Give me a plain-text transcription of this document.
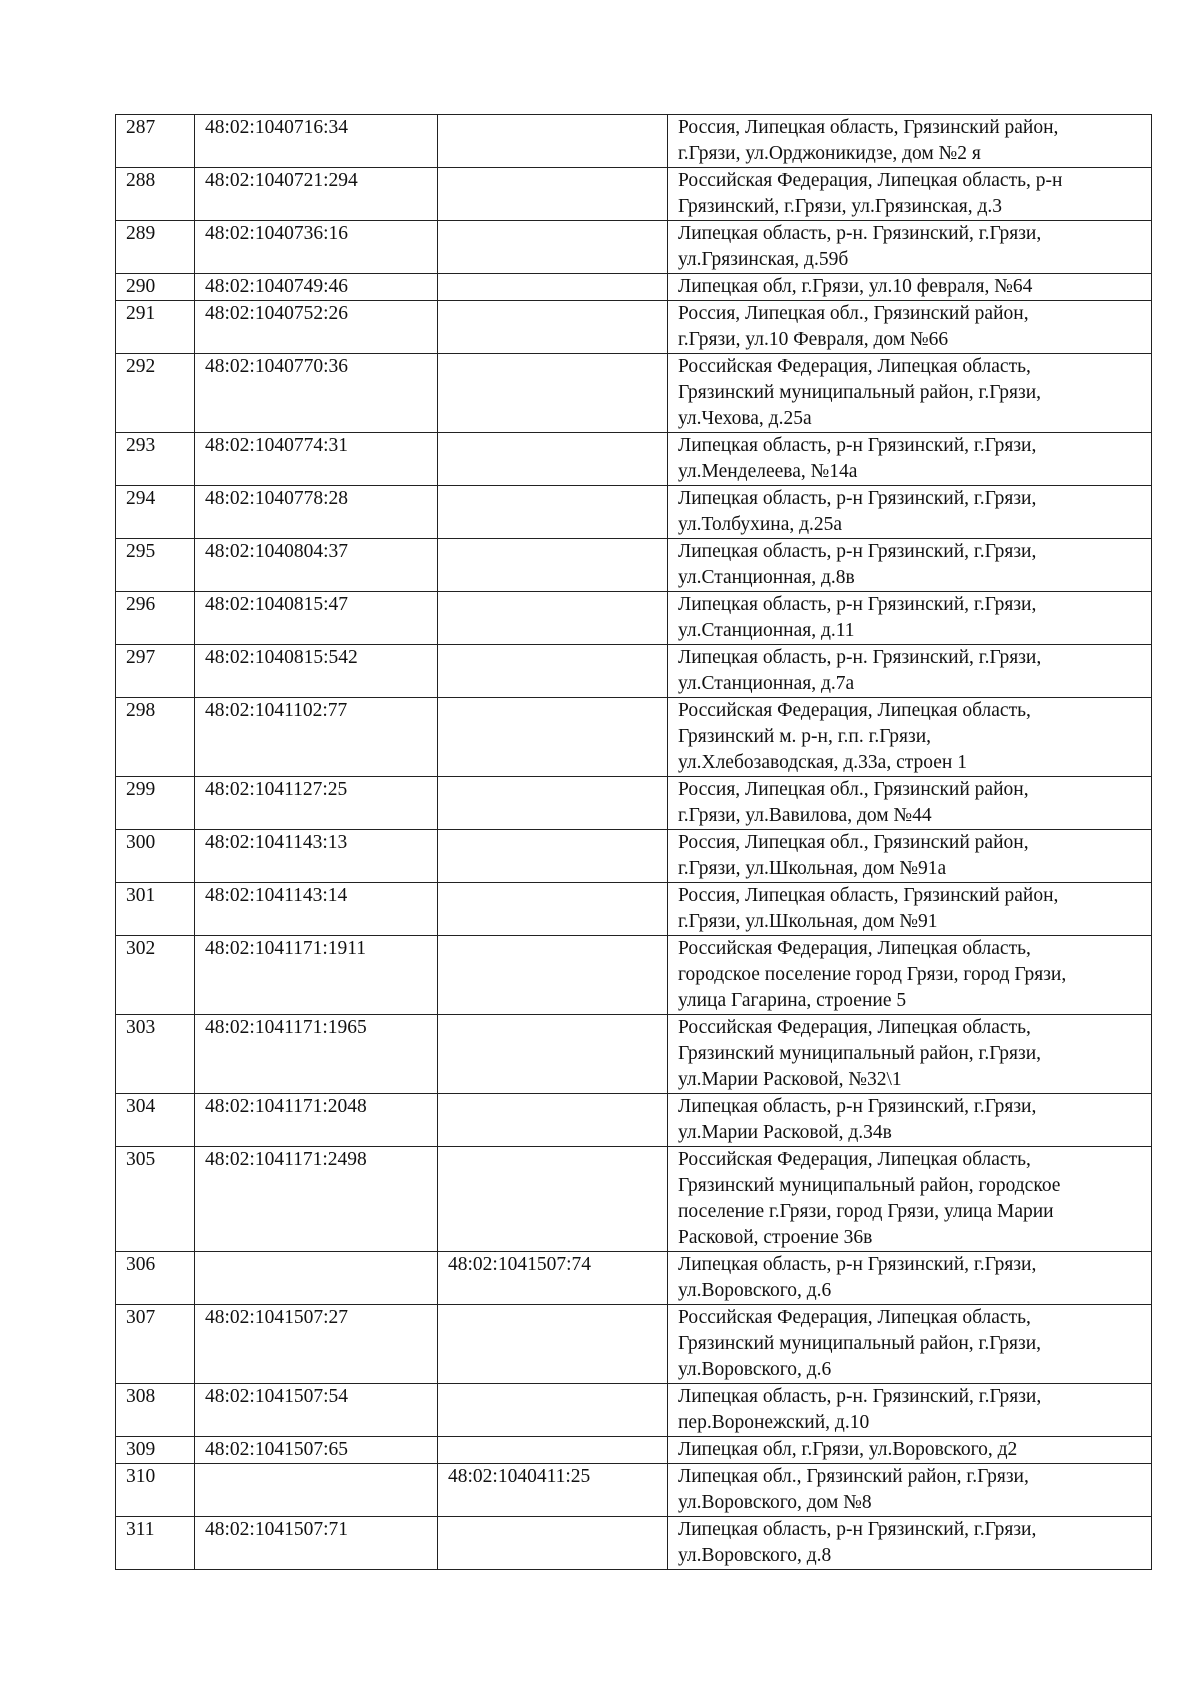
287	48:02:1040716:34		Россия, Липецкая область, Грязинский район,
г.Грязи, ул.Орджоникидзе, дом №2 я

288	48:02:1040721:294		Российская Федерация, Липецкая область, р-н
Грязинский, г.Грязи, ул.Грязинская, д.3

289	48:02:1040736:16		Липецкая область, р-н. Грязинский, г.Грязи,
ул.Грязинская, д.59б

290	48:02:1040749:46		Липецкая обл, г.Грязи, ул.10 февраля, №64

291	48:02:1040752:26		Россия, Липецкая обл., Грязинский район,
г.Грязи, ул.10 Февраля, дом №66

292	48:02:1040770:36		Российская Федерация, Липецкая область,
Грязинский муниципальный район, г.Грязи,
ул.Чехова, д.25а

293	48:02:1040774:31		Липецкая область, р-н Грязинский, г.Грязи,
ул.Менделеева, №14а

294	48:02:1040778:28		Липецкая область, р-н Грязинский, г.Грязи,
ул.Толбухина, д.25а

295	48:02:1040804:37		Липецкая область, р-н Грязинский, г.Грязи,
ул.Станционная, д.8в

296	48:02:1040815:47		Липецкая область, р-н Грязинский, г.Грязи,
ул.Станционная, д.11

297	48:02:1040815:542		Липецкая область, р-н. Грязинский, г.Грязи,
ул.Станционная, д.7а

298	48:02:1041102:77		Российская Федерация, Липецкая область,
Грязинский м. р-н, г.п. г.Грязи,
ул.Хлебозаводская, д.33а, строен 1

299	48:02:1041127:25		Россия, Липецкая обл., Грязинский район,
г.Грязи, ул.Вавилова, дом №44

300	48:02:1041143:13		Россия, Липецкая обл., Грязинский район,
г.Грязи, ул.Школьная, дом №91а

301	48:02:1041143:14		Россия, Липецкая область, Грязинский район,
г.Грязи, ул.Школьная, дом №91

302	48:02:1041171:1911		Российская Федерация, Липецкая область,
городское поселение город Грязи, город Грязи,
улица Гагарина, строение 5

303	48:02:1041171:1965		Российская Федерация, Липецкая область,
Грязинский муниципальный район, г.Грязи,
ул.Марии Расковой, №32\1

304	48:02:1041171:2048		Липецкая область, р-н Грязинский, г.Грязи,
ул.Марии Расковой, д.34в

305	48:02:1041171:2498		Российская Федерация, Липецкая область,
Грязинский муниципальный район, городское
поселение г.Грязи, город Грязи, улица Марии
Расковой, строение 36в

306		48:02:1041507:74	Липецкая область, р-н Грязинский, г.Грязи,
ул.Воровского, д.6

307	48:02:1041507:27		Российская Федерация, Липецкая область,
Грязинский муниципальный район, г.Грязи,
ул.Воровского, д.6

308	48:02:1041507:54		Липецкая область, р-н. Грязинский, г.Грязи,
пер.Воронежский, д.10

309	48:02:1041507:65		Липецкая обл, г.Грязи, ул.Воровского, д2

310		48:02:1040411:25	Липецкая обл., Грязинский район, г.Грязи,
ул.Воровского, дом №8

311	48:02:1041507:71		Липецкая область, р-н Грязинский, г.Грязи,
ул.Воровского, д.8
